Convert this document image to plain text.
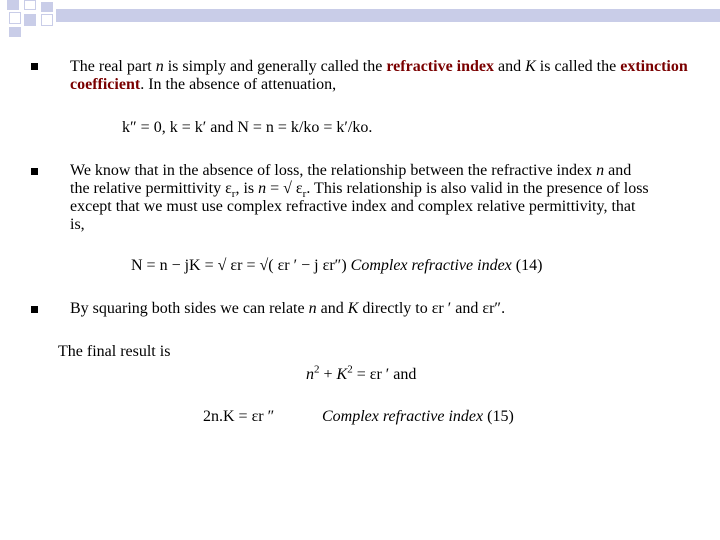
The real part n is simply and generally called the refractive index and K is called the extinction coefficient. In the absence of attenuation,
k″ = 0, k = k′ and N = n = k/ko = k′/ko.
We know that in the absence of loss, the relationship between the refractive index n and the relative permittivity $\varepsilon_r$, is n = √ $\varepsilon_r$. This relationship is also valid in the presence of loss except that we must use complex refractive index and complex relative permittivity, that is,
N = n − jK = √ εr = √( εr ′ − j εr″) Complex refractive index (14)
By squaring both sides we can relate n and K directly to εr ′ and εr″.
The final result is
$n^2 + K^2 = \varepsilon r$ ′ and
2n.K = εr ″	Complex refractive index (15)
